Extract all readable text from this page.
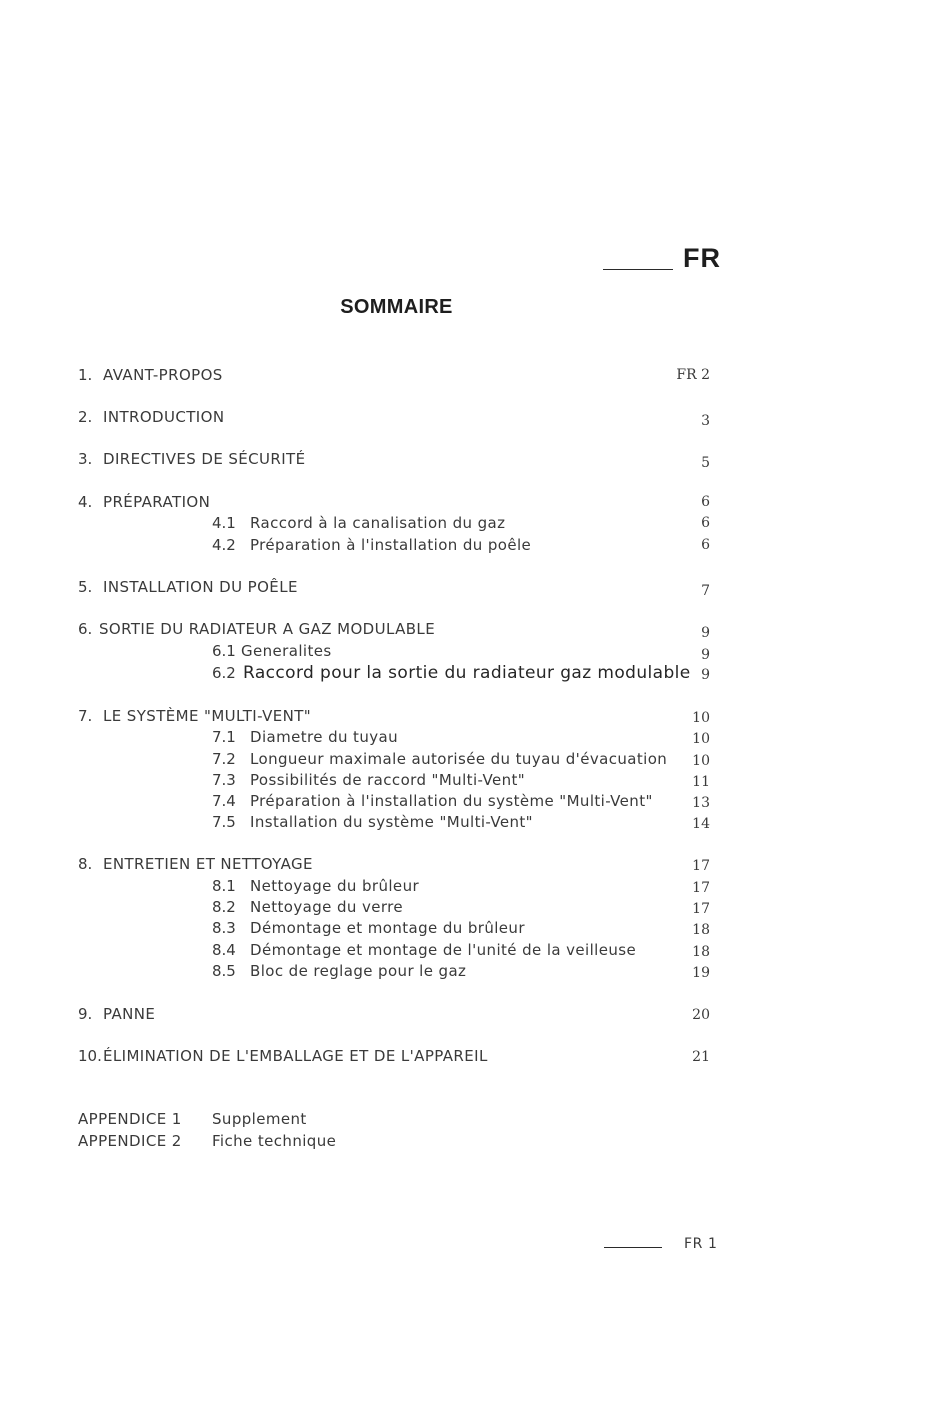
FR
SOMMAIRE
1. AVANT-PROPOS	FR 2
2. INTRODUCTION	3
3. DIRECTIVES DE SÉCURITÉ	5
4. PRÉPARATION	6
4.1 Raccord à la canalisation du gaz	6
4.2 Préparation à l'installation du poêle	6
5. INSTALLATION DU POÊLE	7
6. SORTIE DU RADIATEUR A GAZ MODULABLE	9
6.1 Generalites	9
6.2 Raccord pour la sortie du radiateur gaz modulable 9
7. LE SYSTÈME "MULTI-VENT"	10
7.1 Diametre du tuyau	10
7.2 Longueur maximale autorisée du tuyau d'évacuation 10
7.3 Possibilités de raccord "Multi-Vent"	11
7.4 Préparation à l'installation du système "Multi-Vent"	13
7.5 Installation du système "Multi-Vent"	14
8. ENTRETIEN ET NETTOYAGE	17
8.1 Nettoyage du brûleur	17
8.2 Nettoyage du verre	17
8.3 Démontage et montage du brûleur	18
8.4 Démontage et montage de l'unité de la veilleuse	18
8.5 Bloc de reglage pour le gaz	19
9. PANNE	20
10. ÉLIMINATION DE L'EMBALLAGE ET DE L'APPAREIL	21
APPENDICE 1 Supplement
APPENDICE 2 Fiche technique
FR 1
